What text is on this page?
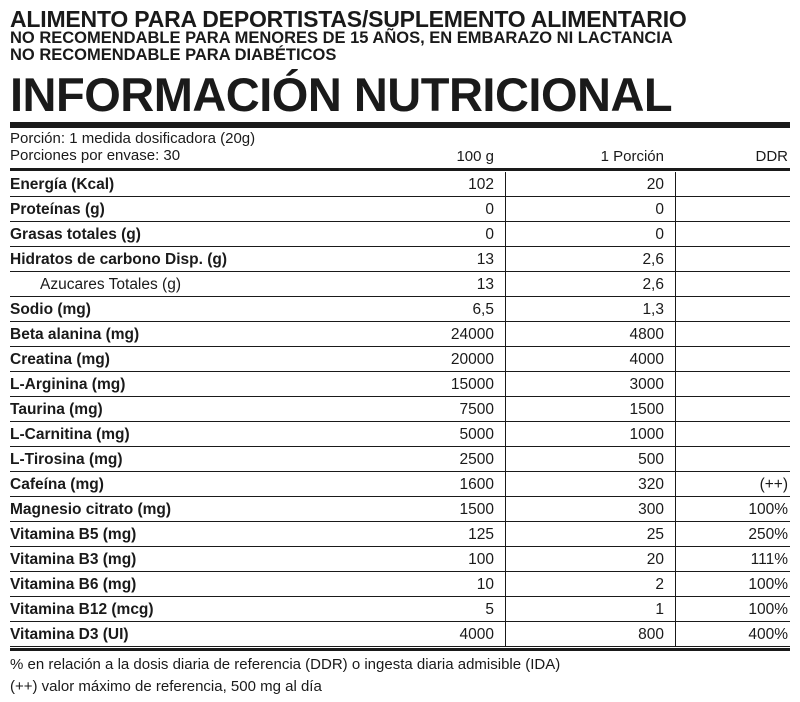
ALIMENTO PARA DEPORTISTAS/SUPLEMENTO ALIMENTARIO
NO RECOMENDABLE PARA MENORES DE 15 AÑOS, EN EMBARAZO NI LACTANCIA
NO RECOMENDABLE PARA DIABÉTICOS
INFORMACIÓN NUTRICIONAL
Porción: 1 medida dosificadora (20g)
Porciones por envase: 30	100 g	1 Porción	DDR
Energía (Kcal)	102	20
Proteínas (g)	0	0
Grasas totales (g)	0	0
Hidratos de carbono Disp. (g)	13	2,6
Azucares Totales (g)	13	2,6
Sodio (mg)	6,5	1,3
Beta alanina (mg)	24000	4800
Creatina (mg)	20000	4000
L-Arginina (mg)	15000	3000
Taurina (mg)	7500	1500
L-Carnitina (mg)	5000	1000
L-Tirosina (mg)	2500	500
Cafeína (mg)	1600	320	(++)
Magnesio citrato (mg)	1500	300	100%
Vitamina B5 (mg)	125	25	250%
Vitamina B3 (mg)	100	20	111%
Vitamina B6 (mg)	10	2	100%
Vitamina B12 (mcg)	5	1	100%
Vitamina D3 (UI)	4000	800	400%
% en relación a la dosis diaria de referencia (DDR) o ingesta diaria admisible (IDA)
(++) valor máximo de referencia, 500 mg al día
